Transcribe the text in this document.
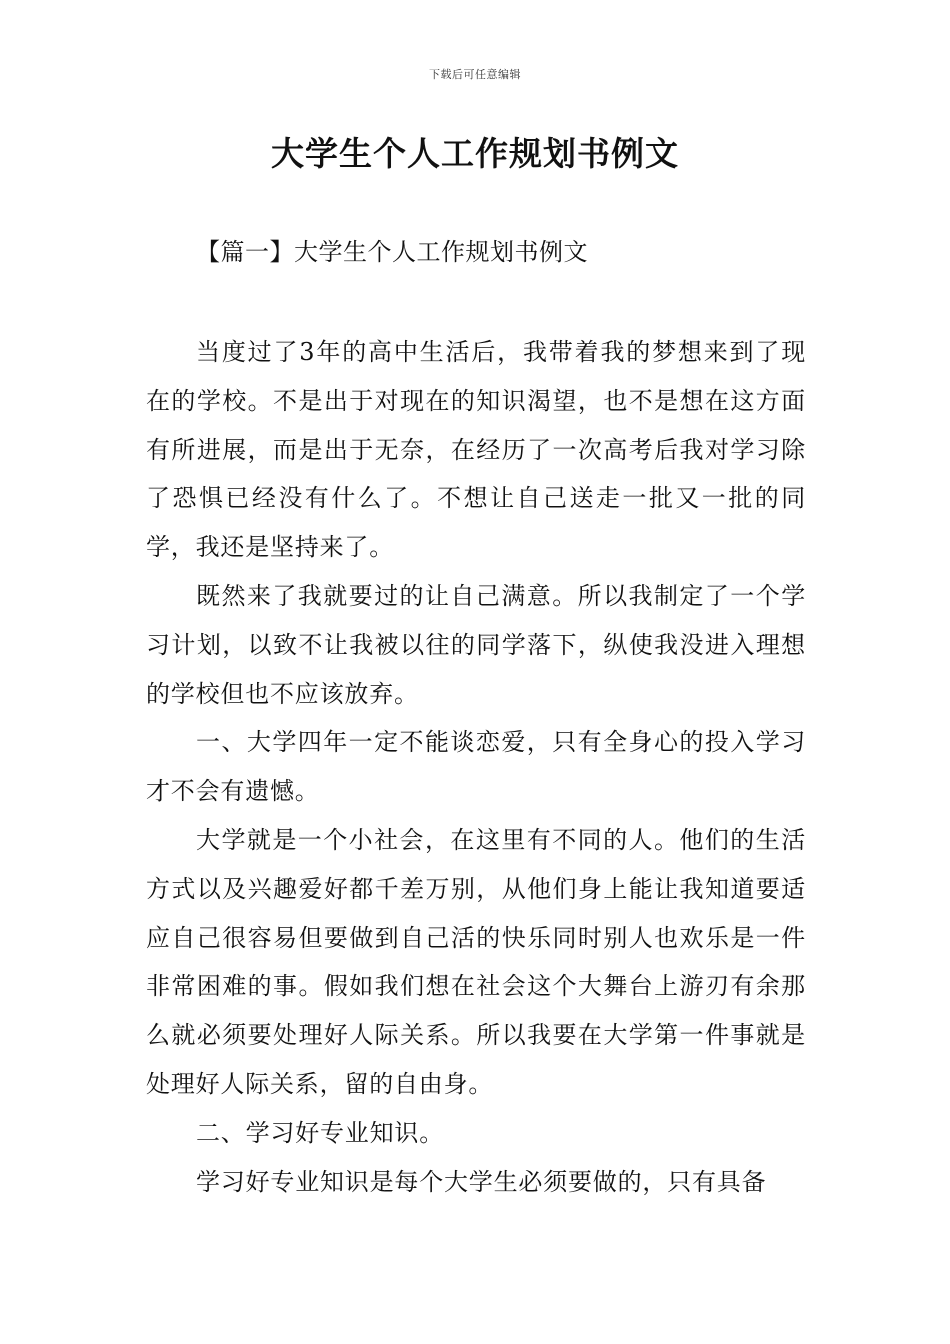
下载后可任意编辑
大学生个人工作规划书例文
【篇一】大学生个人工作规划书例文

当度过了3年的高中生活后，我带着我的梦想来到了现在的学校。不是出于对现在的知识渴望，也不是想在这方面有所进展，而是出于无奈，在经历了一次高考后我对学习除了恐惧已经没有什么了。不想让自己送走一批又一批的同学，我还是坚持来了。

既然来了我就要过的让自己满意。所以我制定了一个学习计划，以致不让我被以往的同学落下，纵使我没进入理想的学校但也不应该放弃。

一、大学四年一定不能谈恋爱，只有全身心的投入学习才不会有遗憾。

大学就是一个小社会，在这里有不同的人。他们的生活方式以及兴趣爱好都千差万别，从他们身上能让我知道要适应自己很容易但要做到自己活的快乐同时别人也欢乐是一件非常困难的事。假如我们想在社会这个大舞台上游刃有余那么就必须要处理好人际关系。所以我要在大学第一件事就是处理好人际关系，留的自由身。

二、学习好专业知识。

学习好专业知识是每个大学生必须要做的，只有具备
